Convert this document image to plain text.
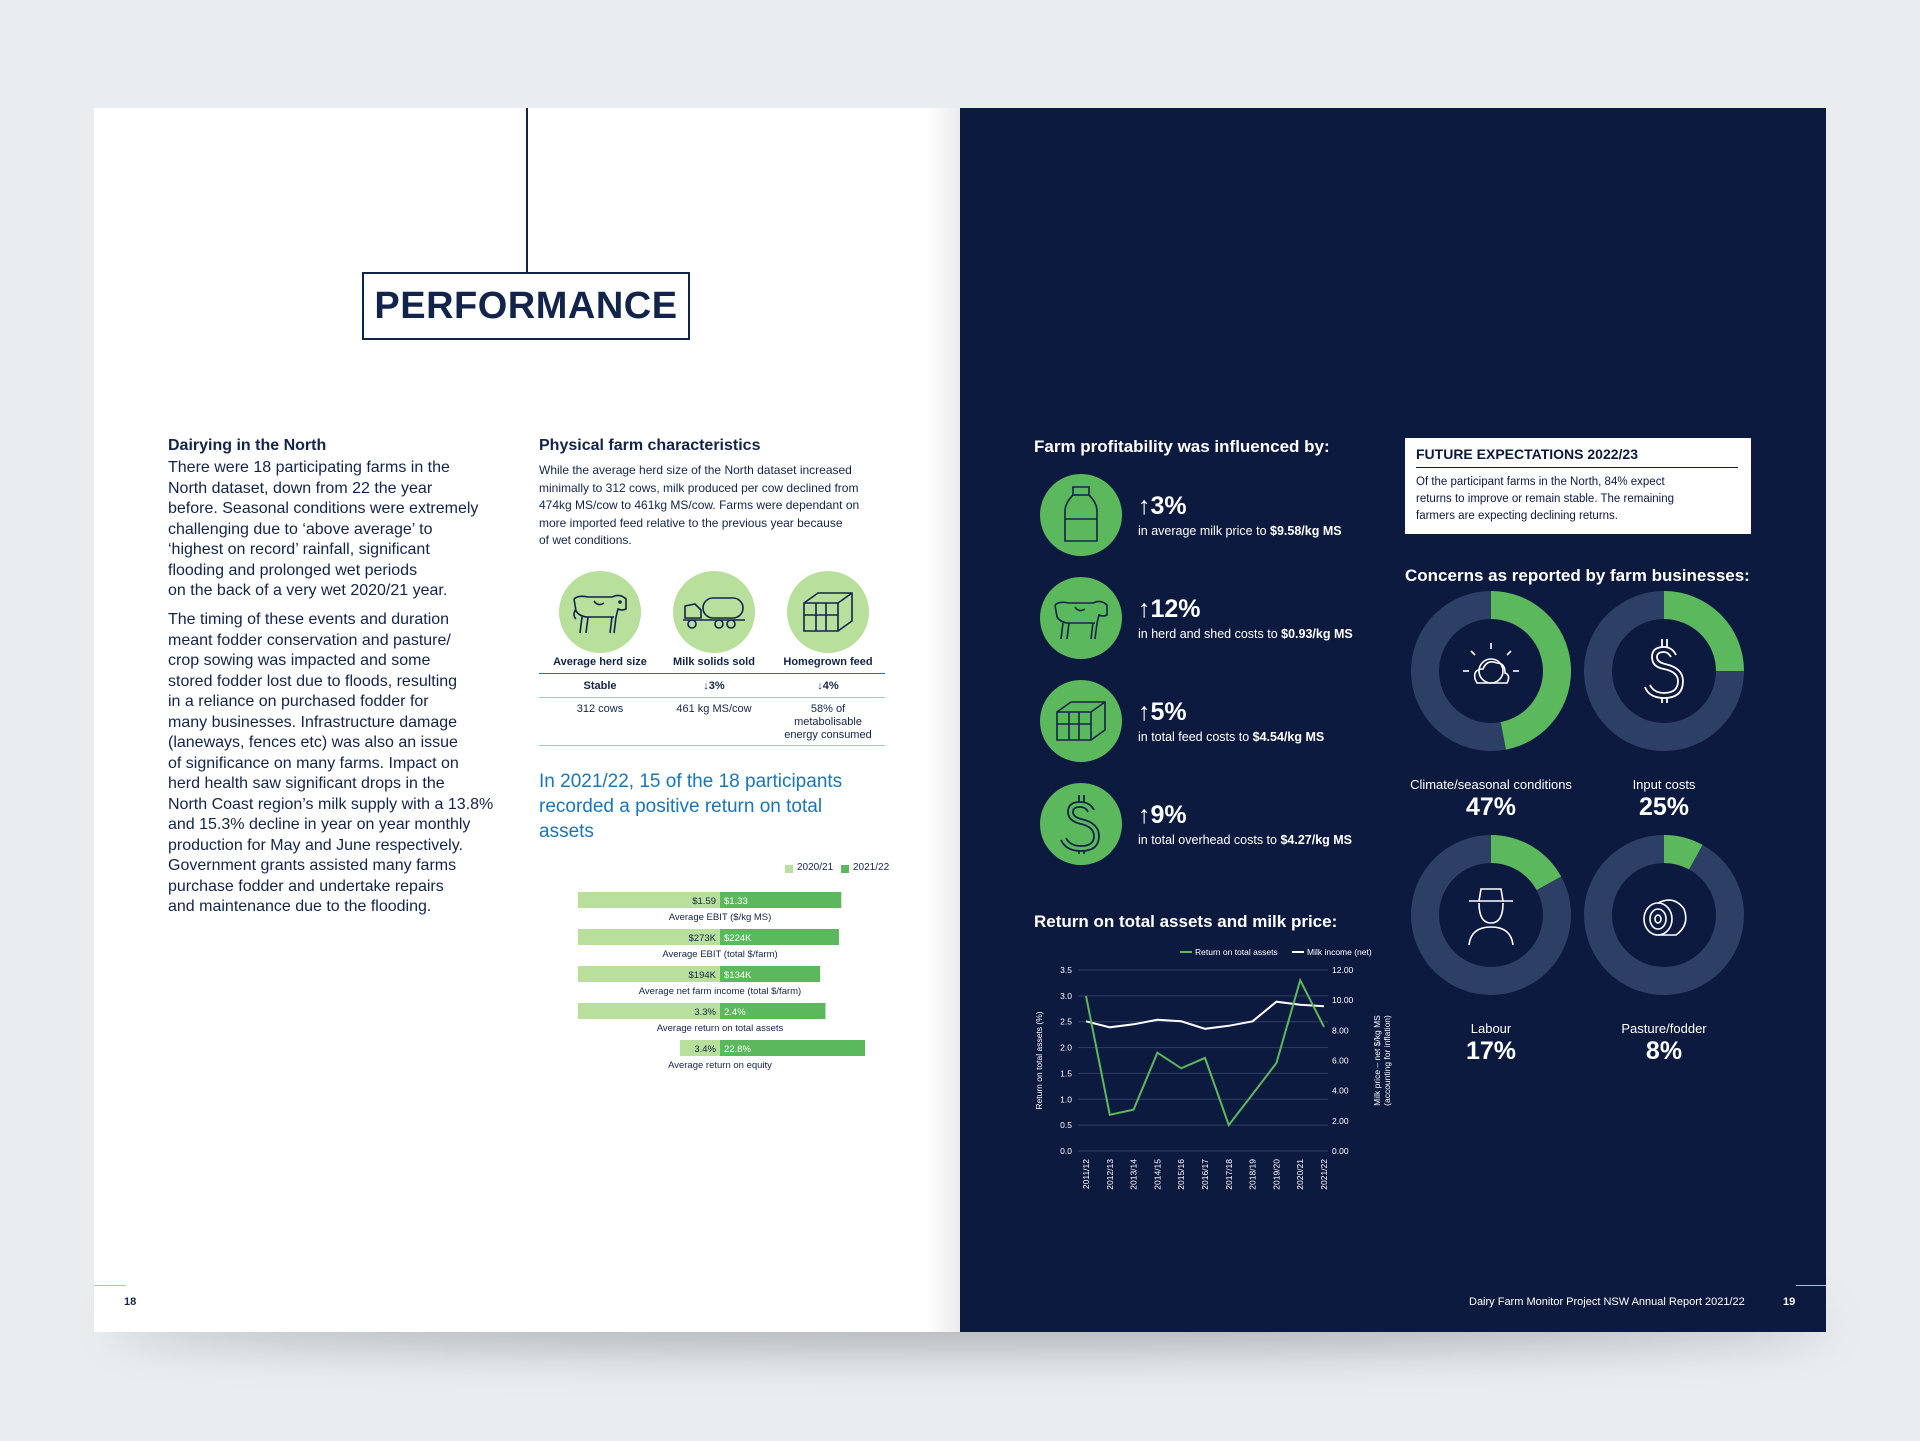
PERFORMANCE
Dairying in the North
There were 18 participating farms in the
North dataset, down from 22 the year
before. Seasonal conditions were extremely
challenging due to ‘above average’ to
‘highest on record’ rainfall, significant
flooding and prolonged wet periods
on the back of a very wet 2020/21 year.
The timing of these events and duration
meant fodder conservation and pasture/
crop sowing was impacted and some
stored fodder lost due to floods, resulting
in a reliance on purchased fodder for
many businesses. Infrastructure damage
(laneways, fences etc) was also an issue
of significance on many farms. Impact on
herd health saw significant drops in the
North Coast region’s milk supply with a 13.8%
and 15.3% decline in year on year monthly
production for May and June respectively.
Government grants assisted many farms
purchase fodder and undertake repairs
and maintenance due to the flooding.
Physical farm characteristics
While the average herd size of the North dataset increased
minimally to 312 cows, milk produced per cow declined from
474kg MS/cow to 461kg MS/cow. Farms were dependant on
more imported feed relative to the previous year because
of wet conditions.
Average herd size	Milk solids sold	Homegrown feed
Stable	↓3%	↓4%
312 cows	461 kg MS/cow	58% of
metabolisable
energy consumed
In 2021/22, 15 of the 18 participants recorded a positive return on total assets
2020/21 2021/22
$1.59 $1.33
Average EBIT ($/kg MS)
$273K $224K
Average EBIT (total $/farm)
$194K $134K
Average net farm income (total $/farm)
3.3% 2.4%
Average return on total assets
3.4% 22.8%
Average return on equity
18
Farm profitability was influenced by:
↑3%
in average milk price to $9.58/kg MS
↑12%
in herd and shed costs to $0.93/kg MS
↑5%
in total feed costs to $4.54/kg MS
↑9%
in total overhead costs to $4.27/kg MS
FUTURE EXPECTATIONS 2022/23
Of the participant farms in the North, 84% expect
returns to improve or remain stable. The remaining
farmers are expecting declining returns.
Concerns as reported by farm businesses:
Climate/seasonal conditions
47%
Input costs
25%
Labour
17%
Pasture/fodder
8%
Return on total assets and milk price:
Return on total assets	Milk income (net)
0.0
0.5
1.0
1.5
2.0
2.5
3.0
3.5
0.00
2.00
4.00
6.00
8.00
10.00
12.00
Return on total assets (%)	Milk price – net $/kg MS (accounting for inflation)
2011/12 2012/13 2013/14 2014/15 2015/16 2016/17 2017/18 2018/19 2019/20 2020/21 2021/22
Dairy Farm Monitor Project NSW Annual Report 2021/22	19
